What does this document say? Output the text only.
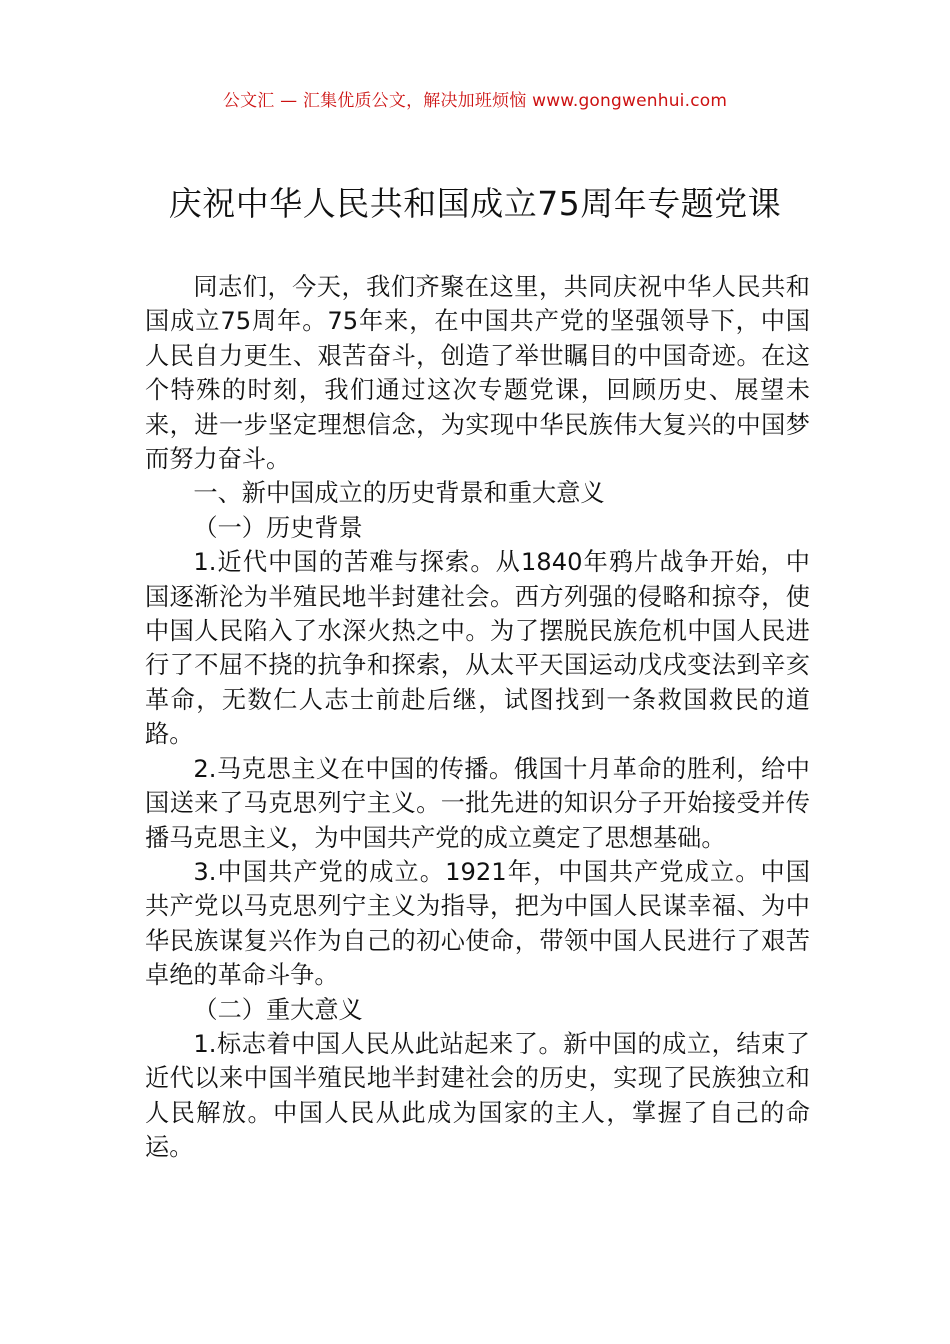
公文汇 — 汇集优质公文，解决加班烦恼 www.gongwenhui.com
庆祝中华人民共和国成立75周年专题党课

同志们，今天，我们齐聚在这里，共同庆祝中华人民共和国成立75周年。75年来，在中国共产党的坚强领导下，中国人民自力更生、艰苦奋斗，创造了举世瞩目的中国奇迹。在这个特殊的时刻，我们通过这次专题党课，回顾历史、展望未来，进一步坚定理想信念，为实现中华民族伟大复兴的中国梦而努力奋斗。

一、新中国成立的历史背景和重大意义

（一）历史背景

1.近代中国的苦难与探索。从1840年鸦片战争开始，中国逐渐沦为半殖民地半封建社会。西方列强的侵略和掠夺，使中国人民陷入了水深火热之中。为了摆脱民族危机中国人民进行了不屈不挠的抗争和探索，从太平天国运动戊戌变法到辛亥革命，无数仁人志士前赴后继，试图找到一条救国救民的道路。

2.马克思主义在中国的传播。俄国十月革命的胜利，给中国送来了马克思列宁主义。一批先进的知识分子开始接受并传播马克思主义，为中国共产党的成立奠定了思想基础。

3.中国共产党的成立。1921年，中国共产党成立。中国共产党以马克思列宁主义为指导，把为中国人民谋幸福、为中华民族谋复兴作为自己的初心使命，带领中国人民进行了艰苦卓绝的革命斗争。

（二）重大意义

1.标志着中国人民从此站起来了。新中国的成立，结束了近代以来中国半殖民地半封建社会的历史，实现了民族独立和人民解放。中国人民从此成为国家的主人，掌握了自己的命运。
